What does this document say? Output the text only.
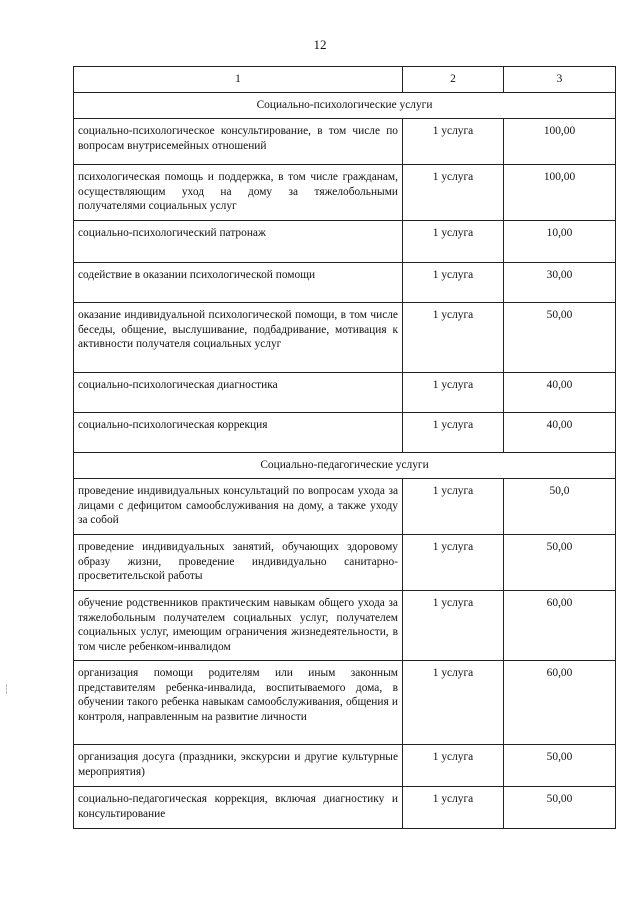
12
1	2	3
Социально-психологические услуги		
социально-психологическое консультирование, в том числе по вопросам внутрисемейных отношений	1 услуга	100,00
психологическая помощь и поддержка, в том числе гражданам, осуществляющим уход на дому за тяжелобольными получателями социальных услуг	1 услуга	100,00
социально-психологический патронаж	1 услуга	10,00
содействие в оказании психологической помощи	1 услуга	30,00
оказание индивидуальной психологической помощи, в том числе беседы, общение, выслушивание, подбадривание, мотивация к активности получателя социальных услуг	1 услуга	50,00
социально-психологическая диагностика	1 услуга	40,00
социально-психологическая коррекция	1 услуга	40,00
Социально-педагогические услуги		
проведение индивидуальных консультаций по вопросам ухода за лицами с дефицитом самообслуживания на дому, а также уходу за собой	1 услуга	50,0
проведение индивидуальных занятий, обучающих здоровому образу жизни, проведение индивидуально санитарно-просветительской работы	1 услуга	50,00
обучение родственников практическим навыкам общего ухода за тяжелобольным получателем социальных услуг, получателем социальных услуг, имеющим ограничения жизнедеятельности, в том числе ребенком-инвалидом	1 услуга	60,00
организация помощи родителям или иным законным представителям ребенка-инвалида, воспитываемого дома, в обучении такого ребенка навыкам самообслуживания, общения и контроля, направленным на развитие личности	1 услуга	60,00
организация досуга (праздники, экскурсии и другие культурные мероприятия)	1 услуга	50,00
социально-педагогическая коррекция, включая диагностику и консультирование	1 услуга	50,00
